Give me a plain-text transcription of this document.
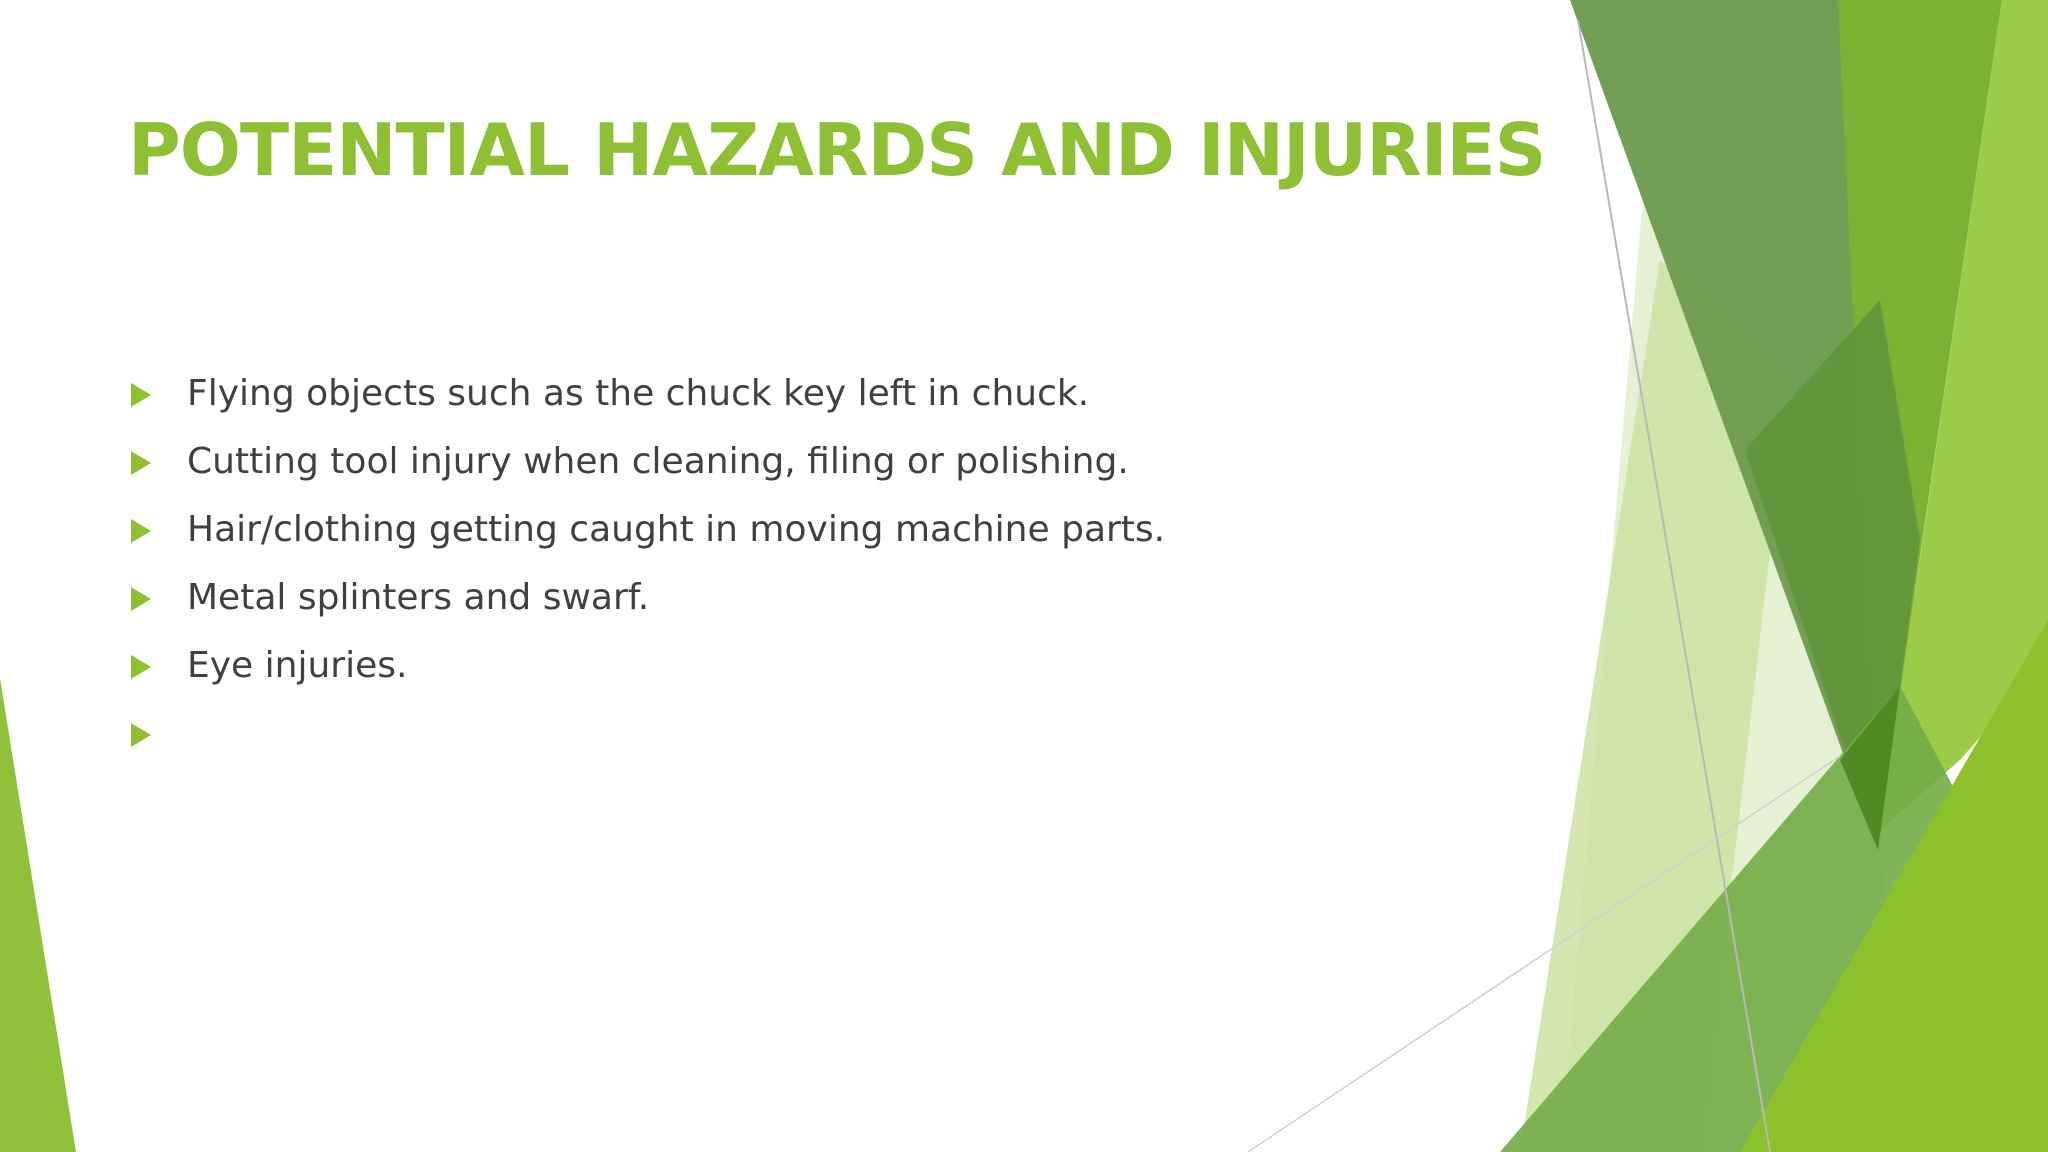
POTENTIAL HAZARDS AND INJURIES
Flying objects such as the chuck key left in chuck.
Cutting tool injury when cleaning, filing or polishing.
Hair/clothing getting caught in moving machine parts.
Metal splinters and swarf.
Eye injuries.
